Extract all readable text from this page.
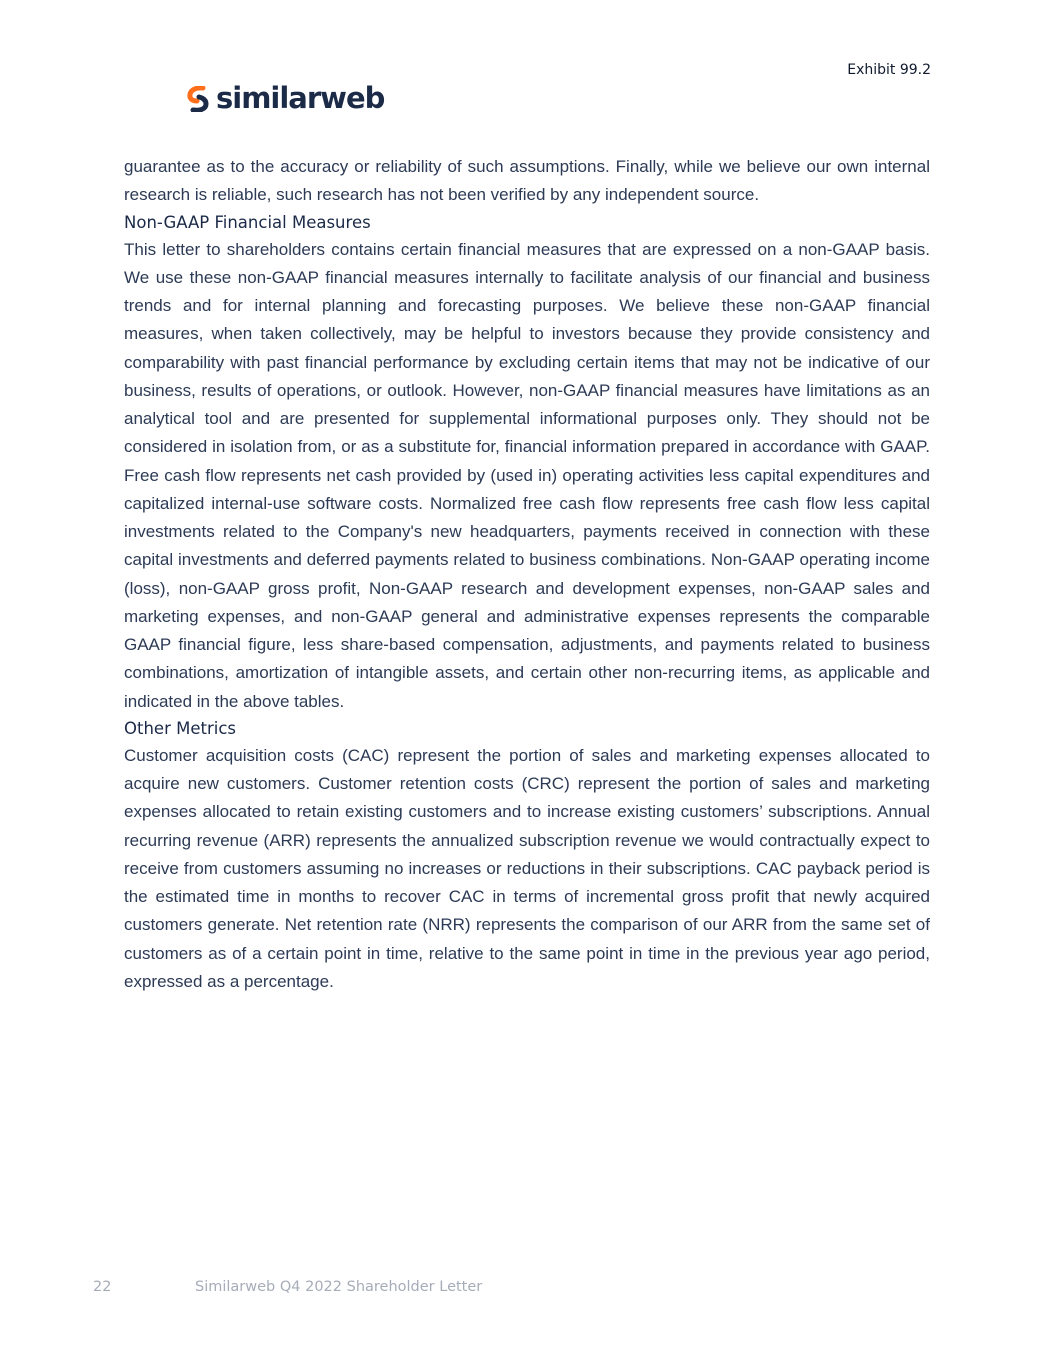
Exhibit 99.2
similarweb

guarantee as to the accuracy or reliability of such assumptions. Finally, while we believe our own internal research is reliable, such research has not been verified by any independent source.

Non-GAAP Financial Measures

This letter to shareholders contains certain financial measures that are expressed on a non-GAAP basis. We use these non-GAAP financial measures internally to facilitate analysis of our financial and business trends and for internal planning and forecasting purposes. We believe these non-GAAP financial measures, when taken collectively, may be helpful to investors because they provide consistency and comparability with past financial performance by excluding certain items that may not be indicative of our business, results of operations, or outlook. However, non-GAAP financial measures have limitations as an analytical tool and are presented for supplemental informational purposes only. They should not be considered in isolation from, or as a substitute for, financial information prepared in accordance with GAAP. Free cash flow represents net cash provided by (used in) operating activities less capital expenditures and capitalized internal-use software costs. Normalized free cash flow represents free cash flow less capital investments related to the Company's new headquarters, payments received in connection with these capital investments and deferred payments related to business combinations. Non-GAAP operating income (loss), non-GAAP gross profit, Non-GAAP research and development expenses, non-GAAP sales and marketing expenses, and non-GAAP general and administrative expenses represents the comparable GAAP financial figure, less share-based compensation, adjustments, and payments related to business combinations, amortization of intangible assets, and certain other non-recurring items, as applicable and indicated in the above tables.

Other Metrics

Customer acquisition costs (CAC) represent the portion of sales and marketing expenses allocated to acquire new customers. Customer retention costs (CRC) represent the portion of sales and marketing expenses allocated to retain existing customers and to increase existing customers’ subscriptions. Annual recurring revenue (ARR) represents the annualized subscription revenue we would contractually expect to receive from customers assuming no increases or reductions in their subscriptions. CAC payback period is the estimated time in months to recover CAC in terms of incremental gross profit that newly acquired customers generate. Net retention rate (NRR) represents the comparison of our ARR from the same set of customers as of a certain point in time, relative to the same point in time in the previous year ago period, expressed as a percentage.

22	Similarweb Q4 2022 Shareholder Letter
